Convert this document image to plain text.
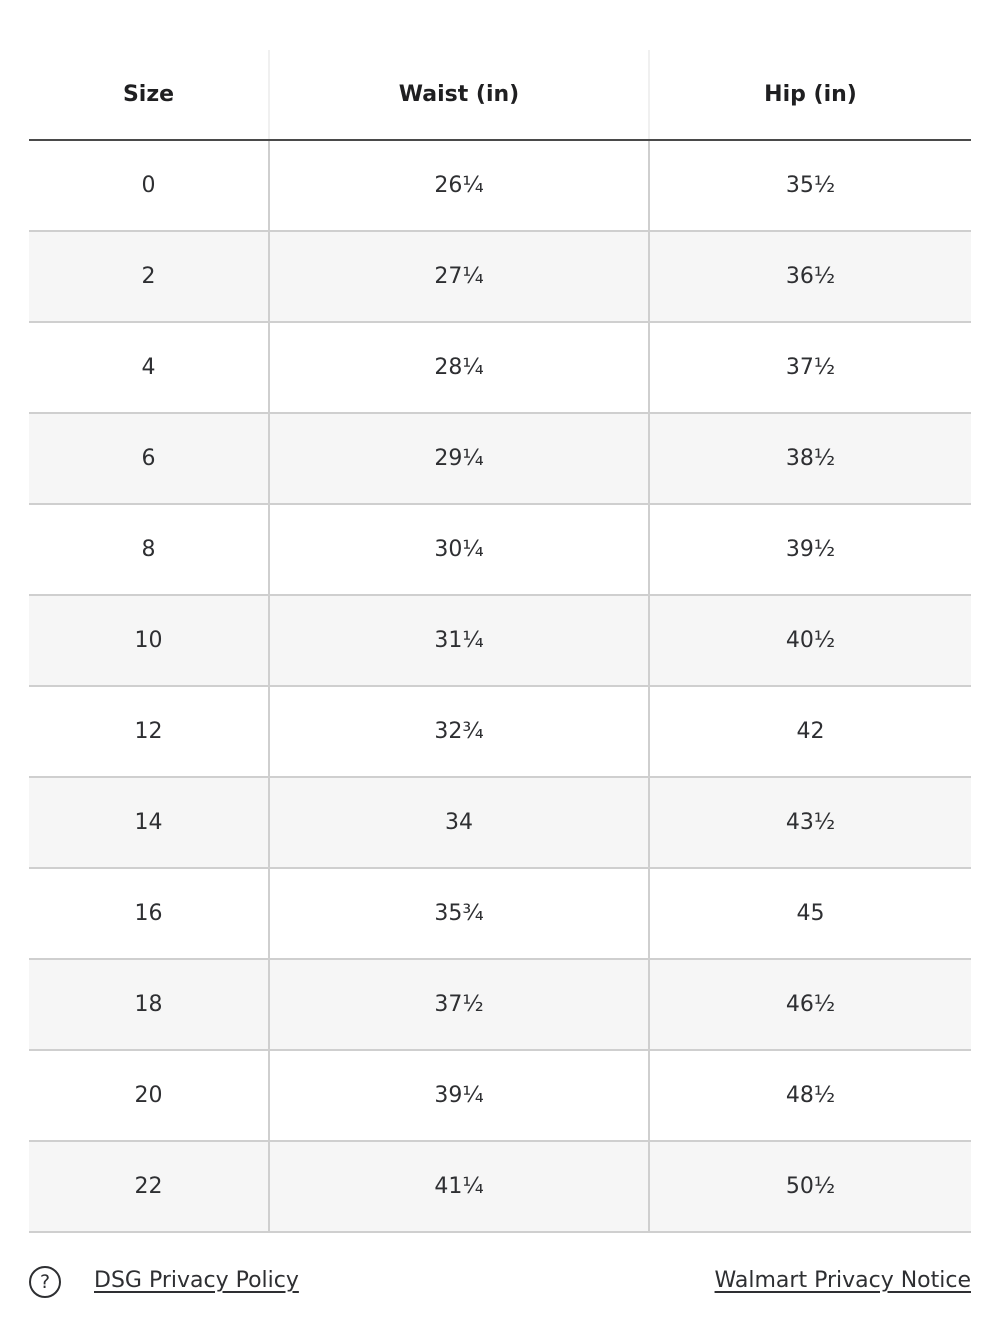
Size	Waist (in)	Hip (in)
0	26¼	35½
2	27¼	36½
4	28¼	37½
6	29¼	38½
8	30¼	39½
10	31¼	40½
12	32¾	42
14	34	43½
16	35¾	45
18	37½	46½
20	39¼	48½
22	41¼	50½
?	DSG Privacy Policy	Walmart Privacy Notice
